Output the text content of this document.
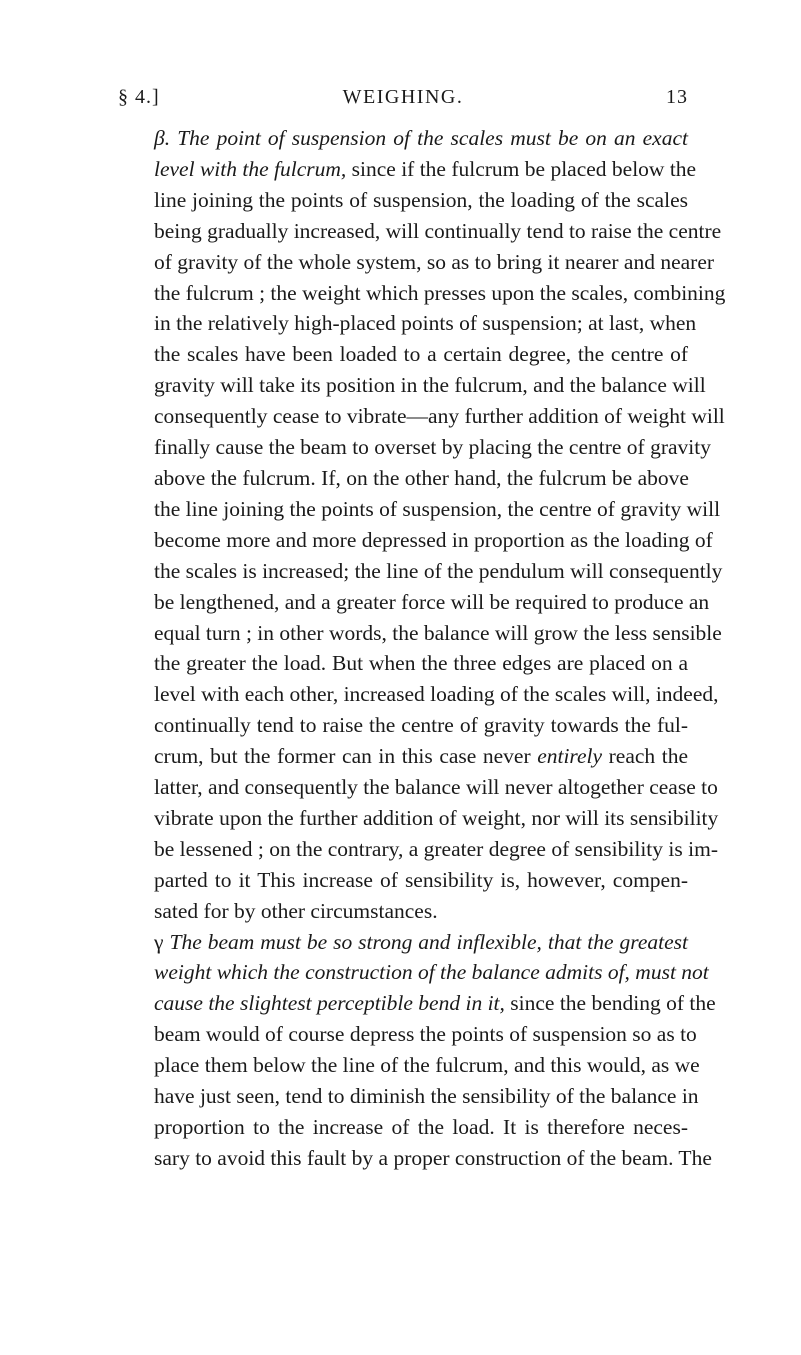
§ 4.]	WEIGHING.	13

β. The point of suspension of the scales must be on an exact
level with the fulcrum, since if the fulcrum be placed below the
line joining the points of suspension, the loading of the scales
being gradually increased, will continually tend to raise the centre
of gravity of the whole system, so as to bring it nearer and nearer
the fulcrum ; the weight which presses upon the scales, combining
in the relatively high-placed points of suspension; at last, when
the scales have been loaded to a certain degree, the centre of
gravity will take its position in the fulcrum, and the balance will
consequently cease to vibrate—any further addition of weight will
finally cause the beam to overset by placing the centre of gravity
above the fulcrum. If, on the other hand, the fulcrum be above
the line joining the points of suspension, the centre of gravity will
become more and more depressed in proportion as the loading of
the scales is increased; the line of the pendulum will consequently
be lengthened, and a greater force will be required to produce an
equal turn ; in other words, the balance will grow the less sensible
the greater the load. But when the three edges are placed on a
level with each other, increased loading of the scales will, indeed,
continually tend to raise the centre of gravity towards the ful-
crum, but the former can in this case never entirely reach the
latter, and consequently the balance will never altogether cease to
vibrate upon the further addition of weight, nor will its sensibility
be lessened ; on the contrary, a greater degree of sensibility is im-
parted to it This increase of sensibility is, however, compen-
sated for by other circumstances.

γ The beam must be so strong and inflexible, that the greatest
weight which the construction of the balance admits of, must not
cause the slightest perceptible bend in it, since the bending of the
beam would of course depress the points of suspension so as to
place them below the line of the fulcrum, and this would, as we
have just seen, tend to diminish the sensibility of the balance in
proportion to the increase of the load. It is therefore neces-
sary to avoid this fault by a proper construction of the beam. The
